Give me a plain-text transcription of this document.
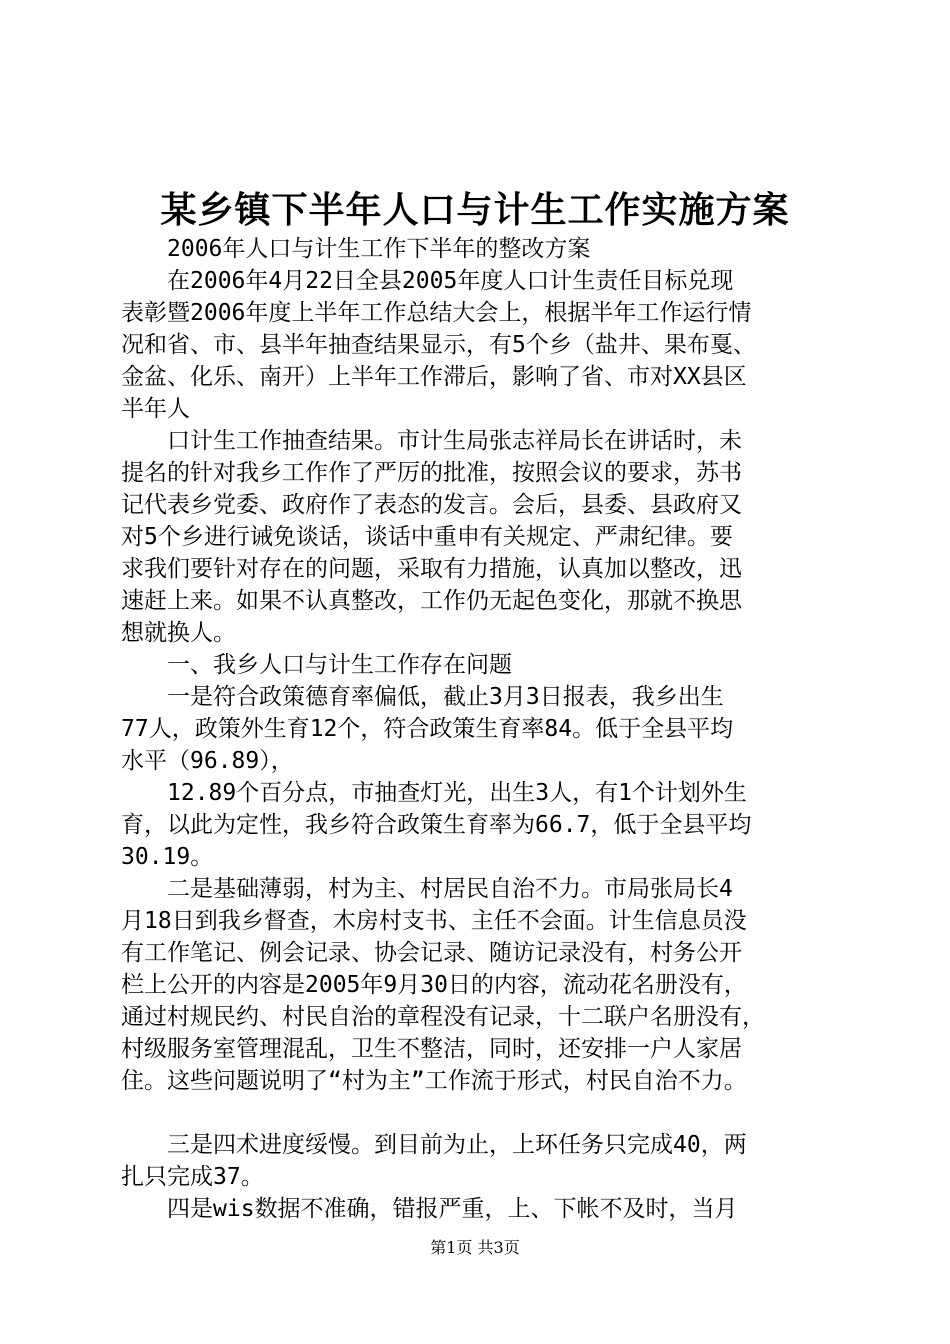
某乡镇下半年人口与计生工作实施方案
　　2006年人口与计生工作下半年的整改方案
　　在2006年4月22日全县2005年度人口计生责任目标兑现
表彰暨2006年度上半年工作总结大会上，根据半年工作运行情
况和省、市、县半年抽查结果显示，有5个乡（盐井、果布戛、
金盆、化乐、南开）上半年工作滞后，影响了省、市对XX县区
半年人
　　口计生工作抽查结果。市计生局张志祥局长在讲话时，未
提名的针对我乡工作作了严厉的批准，按照会议的要求，苏书
记代表乡党委、政府作了表态的发言。会后，县委、县政府又
对5个乡进行诫免谈话，谈话中重申有关规定、严肃纪律。要
求我们要针对存在的问题，采取有力措施，认真加以整改，迅
速赶上来。如果不认真整改，工作仍无起色变化，那就不换思
想就换人。
　　一、我乡人口与计生工作存在问题
　　一是符合政策德育率偏低，截止3月3日报表，我乡出生
77人，政策外生育12个，符合政策生育率84。低于全县平均
水平（96.89），
　　12.89个百分点，市抽查灯光，出生3人，有1个计划外生
育，以此为定性，我乡符合政策生育率为66.7，低于全县平均
30.19。
　　二是基础薄弱，村为主、村居民自治不力。市局张局长4
月18日到我乡督查，木房村支书、主任不会面。计生信息员没
有工作笔记、例会记录、协会记录、随访记录没有，村务公开
栏上公开的内容是2005年9月30日的内容，流动花名册没有，
通过村规民约、村民自治的章程没有记录，十二联户名册没有，
村级服务室管理混乱，卫生不整洁，同时，还安排一户人家居
住。这些问题说明了“村为主”工作流于形式，村民自治不力。
　　三是四术进度绥慢。到目前为止，上环任务只完成40，两
扎只完成37。
　　四是wis数据不准确，错报严重，上、下帐不及时，当月
第1页 共3页
